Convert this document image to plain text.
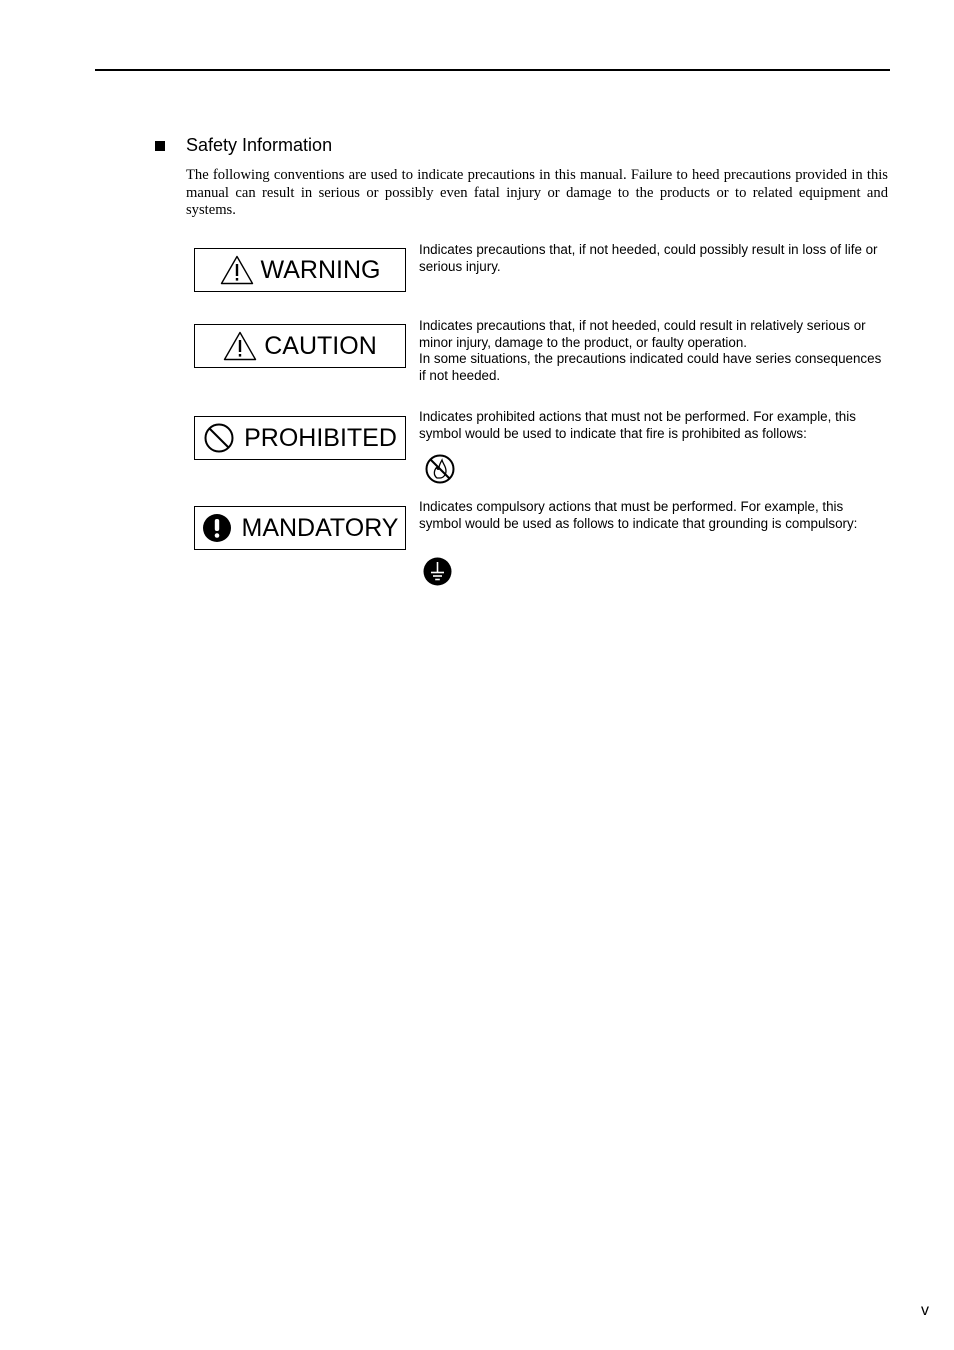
Safety Information

The following conventions are used to indicate precautions in this manual. Failure to heed precautions provided in this manual can result in serious or possibly even fatal injury or damage to the products or to related equipment and systems.

WARNING
Indicates precautions that, if not heeded, could possibly result in loss of life or serious injury.
CAUTION
Indicates precautions that, if not heeded, could result in relatively serious or minor injury, damage to the product, or faulty operation.
In some situations, the precautions indicated could have series consequences if not heeded.
PROHIBITED
Indicates prohibited actions that must not be performed. For example, this symbol would be used to indicate that fire is prohibited as follows:
MANDATORY
Indicates compulsory actions that must be performed. For example, this symbol would be used as follows to indicate that grounding is compulsory:
v
